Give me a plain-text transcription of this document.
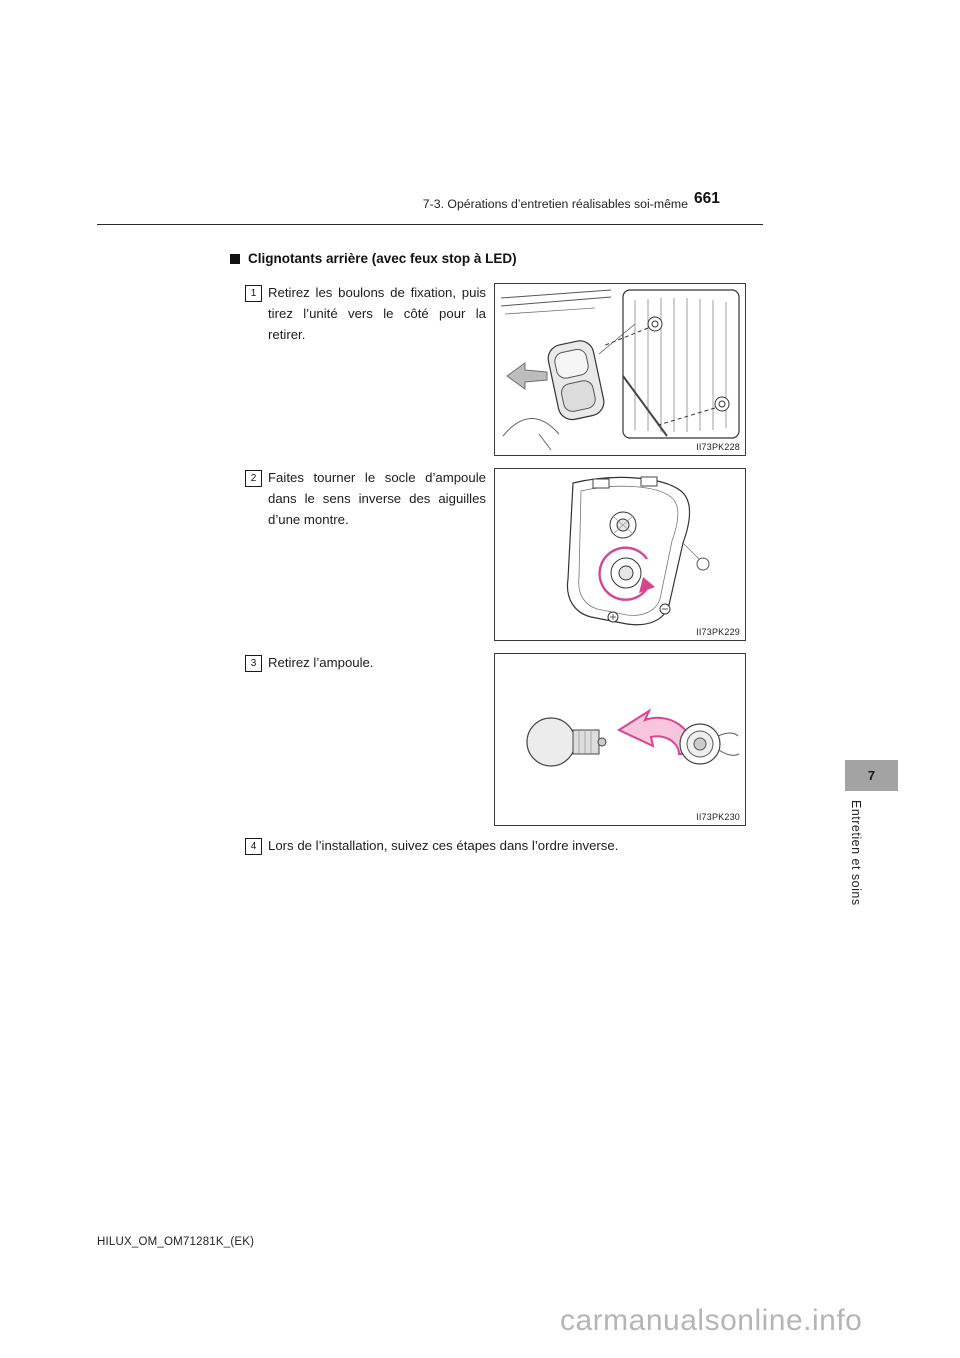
7-3. Opérations d’entretien réalisables soi-même 661
Clignotants arrière (avec feux stop à LED)
1 Retirez les boulons de fixation, puis tirez l’unité vers le côté pour la retirer.
II73PK228
2 Faites tourner le socle d’ampoule dans le sens inverse des aiguilles d’une montre.
II73PK229
3 Retirez l’ampoule.
II73PK230
4 Lors de l’installation, suivez ces étapes dans l’ordre inverse.
7
Entretien et soins
HILUX_OM_OM71281K_(EK)
carmanualsonline.info
